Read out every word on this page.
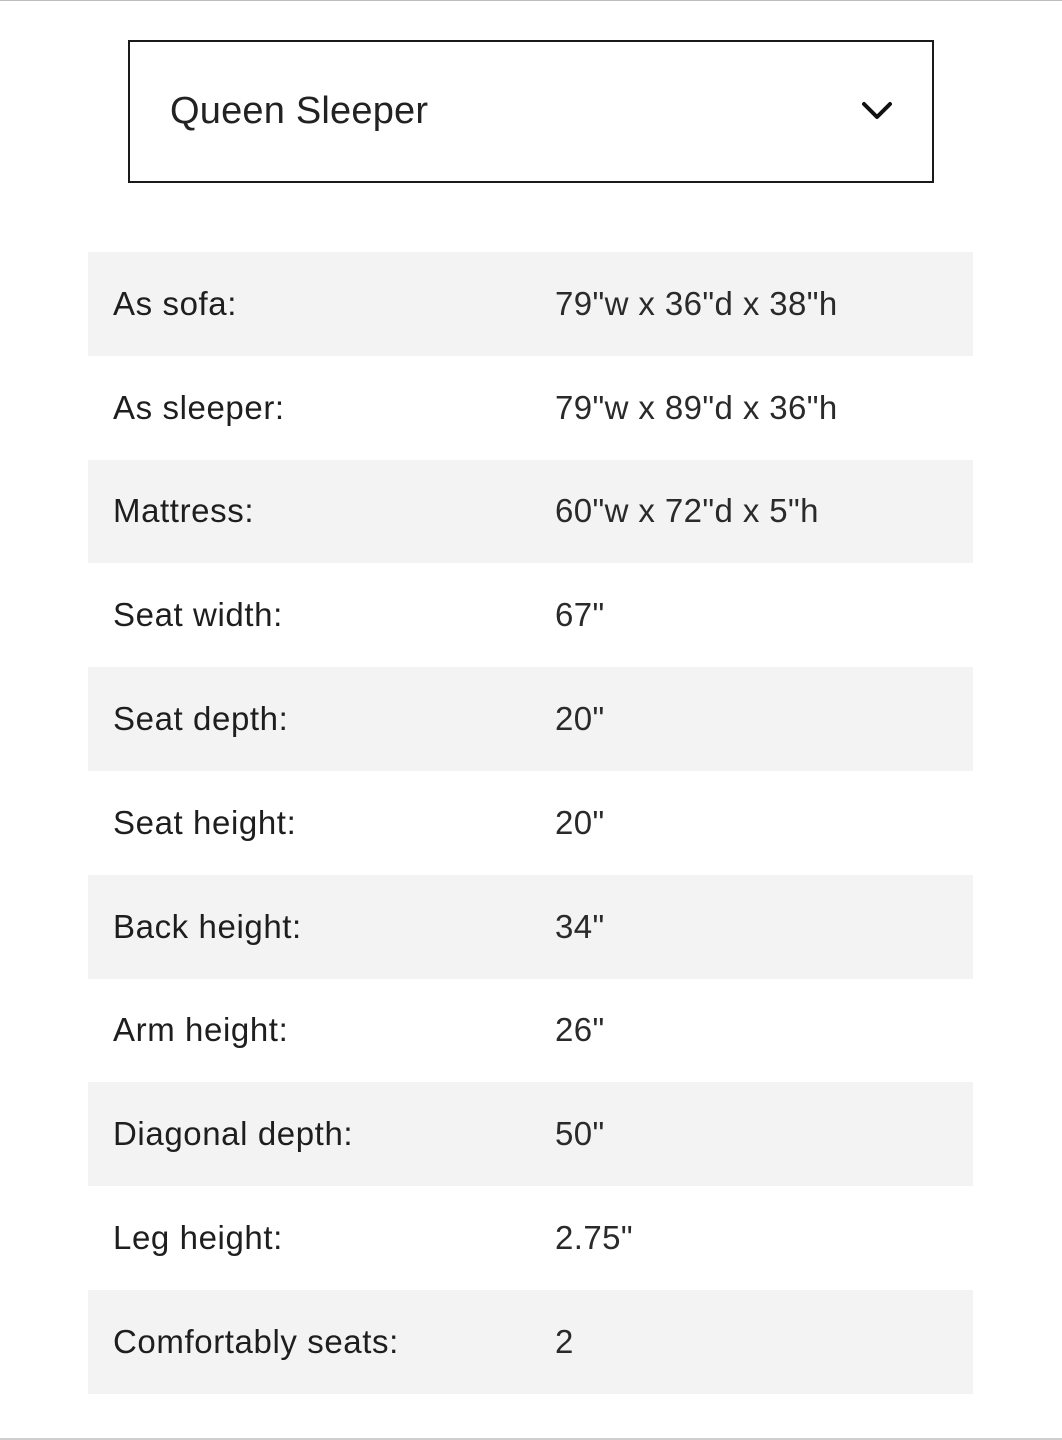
Queen Sleeper
As sofa:	79"w x 36"d x 38"h
As sleeper:	79"w x 89"d x 36"h
Mattress:	60"w x 72"d x 5"h
Seat width:	67"
Seat depth:	20"
Seat height:	20"
Back height:	34"
Arm height:	26"
Diagonal depth:	50"
Leg height:	2.75"
Comfortably seats:	2
